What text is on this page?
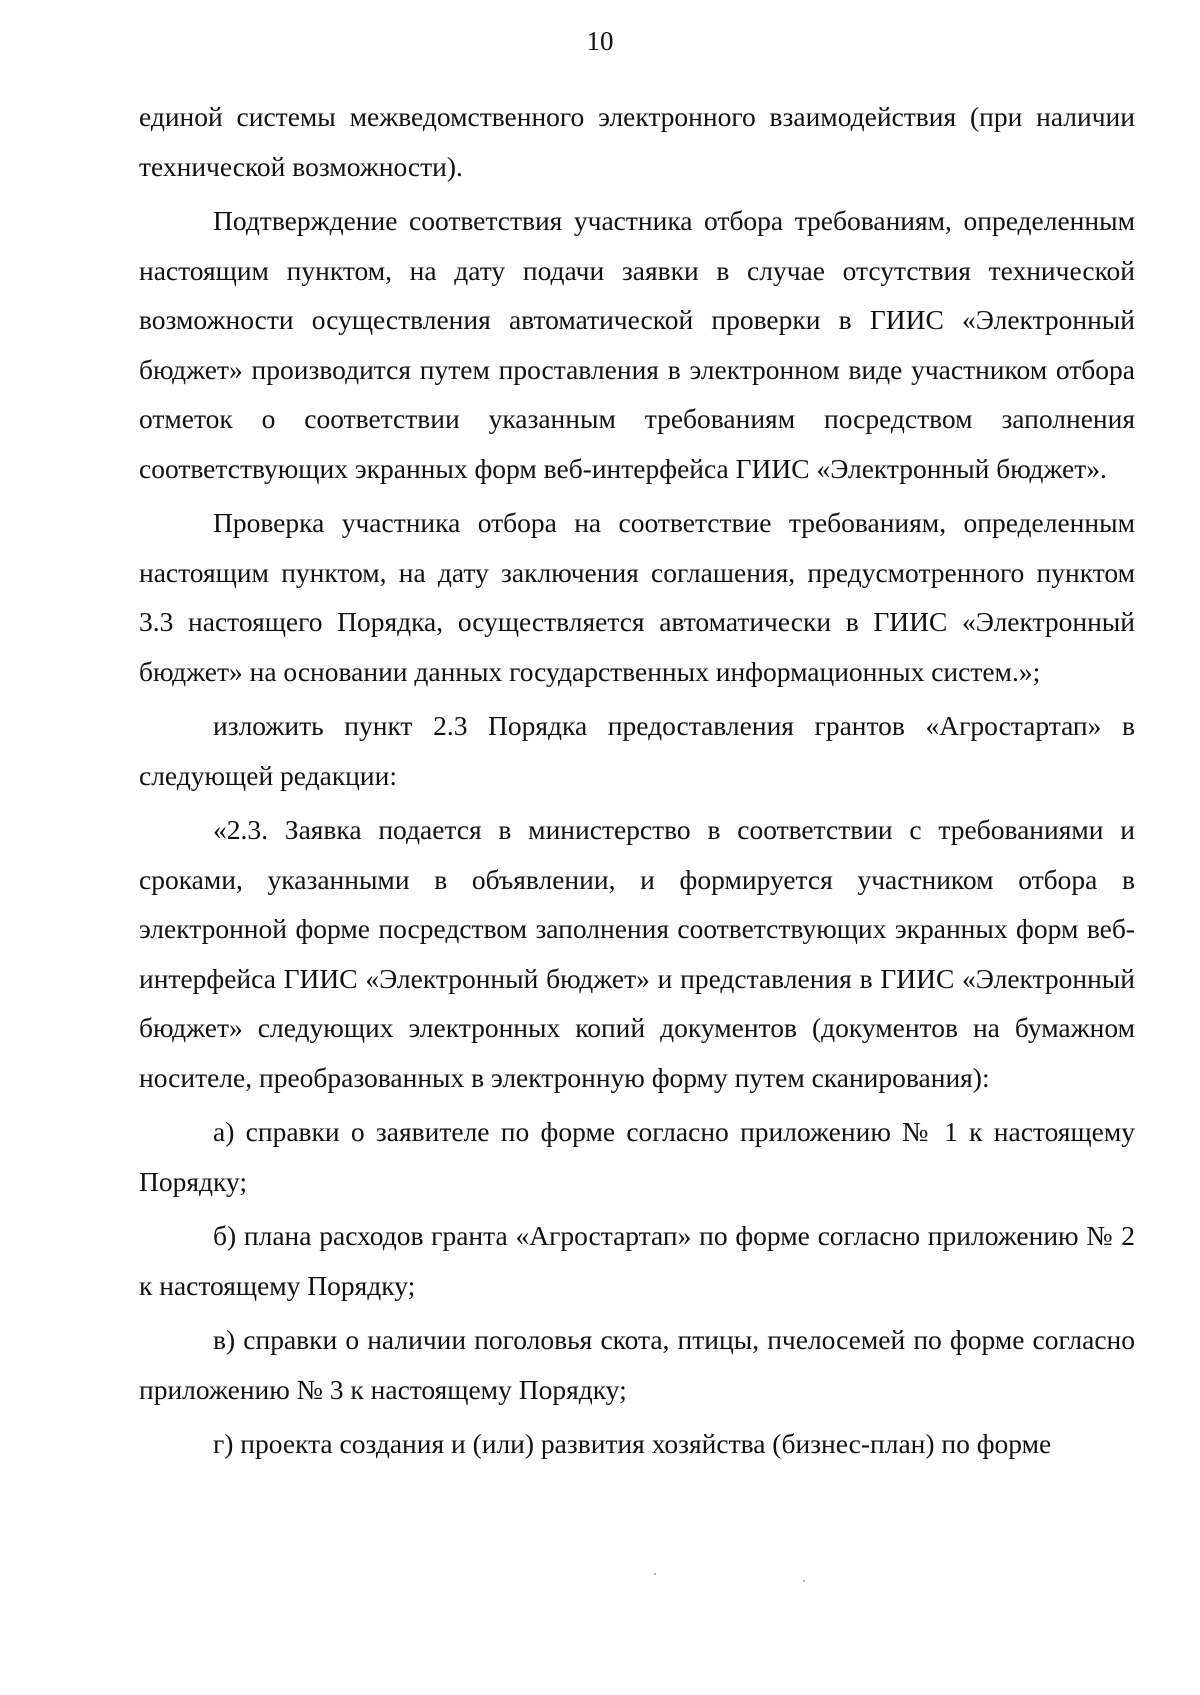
10

единой системы межведомственного электронного взаимодействия (при наличии технической возможности).

Подтверждение соответствия участника отбора требованиям, определенным настоящим пунктом, на дату подачи заявки в случае отсутствия технической возможности осуществления автоматической проверки в ГИИС «Электронный бюджет» производится путем проставления в электронном виде участником отбора отметок о соответствии указанным требованиям посредством заполнения соответствующих экранных форм веб-интерфейса ГИИС «Электронный бюджет».

Проверка участника отбора на соответствие требованиям, определенным настоящим пунктом, на дату заключения соглашения, предусмотренного пунктом 3.3 настоящего Порядка, осуществляется автоматически в ГИИС «Электронный бюджет» на основании данных государственных информационных систем.»;

изложить пункт 2.3 Порядка предоставления грантов «Агростартап» в следующей редакции:

«2.3. Заявка подается в министерство в соответствии с требованиями и сроками, указанными в объявлении, и формируется участником отбора в электронной форме посредством заполнения соответствующих экранных форм веб-интерфейса ГИИС «Электронный бюджет» и представления в ГИИС «Электронный бюджет» следующих электронных копий документов (документов на бумажном носителе, преобразованных в электронную форму путем сканирования):

а) справки о заявителе по форме согласно приложению № 1 к настоящему Порядку;

б) плана расходов гранта «Агростартап» по форме согласно приложению № 2 к настоящему Порядку;

в) справки о наличии поголовья скота, птицы, пчелосемей по форме согласно приложению № 3 к настоящему Порядку;

г) проекта создания и (или) развития хозяйства (бизнес-план) по форме
